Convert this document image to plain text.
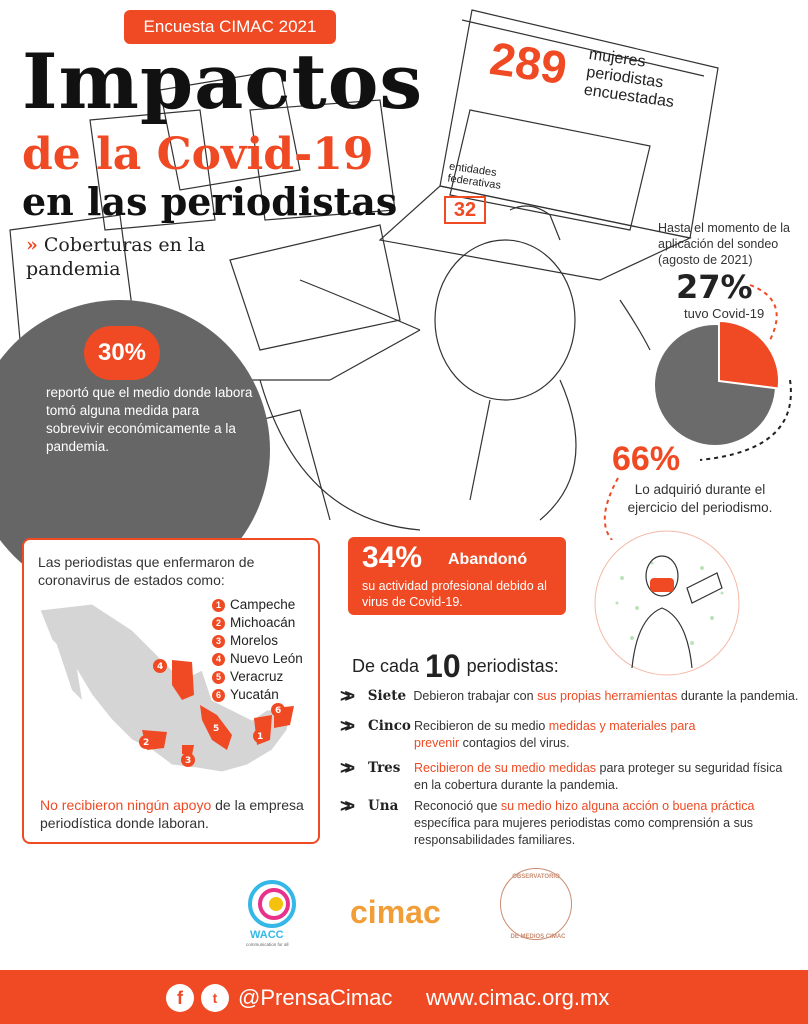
Encuesta CIMAC 2021
Impactos
de la Covid-19
en las periodistas
» Coberturas en la pandemia
289	mujeres periodistas encuestadas
entidades federativas
32
30%
reportó que el medio donde labora tomó alguna medida para sobrevivir económicamente a la pandemia.
Hasta el momento de la aplicación del sondeo (agosto de 2021)
27%
tuvo Covid-19
66%
Lo adquirió durante el ejercicio del periodismo.
Las periodistas que enfermaron de coronavirus de estados como:
4
2
3
5
1
6
1 Campeche
2 Michoacán
3 Morelos
4 Nuevo León
5 Veracruz
6 Yucatán
No recibieron ningún apoyo de la empresa periodística donde laboran.
34% Abandonó
su actividad profesional debido al virus de Covid-19.
De cada 10 periodistas:
>>	Siete Debieron trabajar con sus propias herramientas durante la pandemia.
>>	Cinco Recibieron de su medio medidas y materiales para prevenir contagios del virus.
>>	Tres	Recibieron de su medio medidas para proteger su seguridad física en la cobertura durante la pandemia.
>>	Una	Reconoció que su medio hizo alguna acción o buena práctica específica para mujeres periodistas como comprensión a sus responsabilidades familiares.
WACC
communication for all
cimac
OBSERVATORIO
DE MEDIOS CIMAC
f	t @PrensaCimac www.cimac.org.mx
